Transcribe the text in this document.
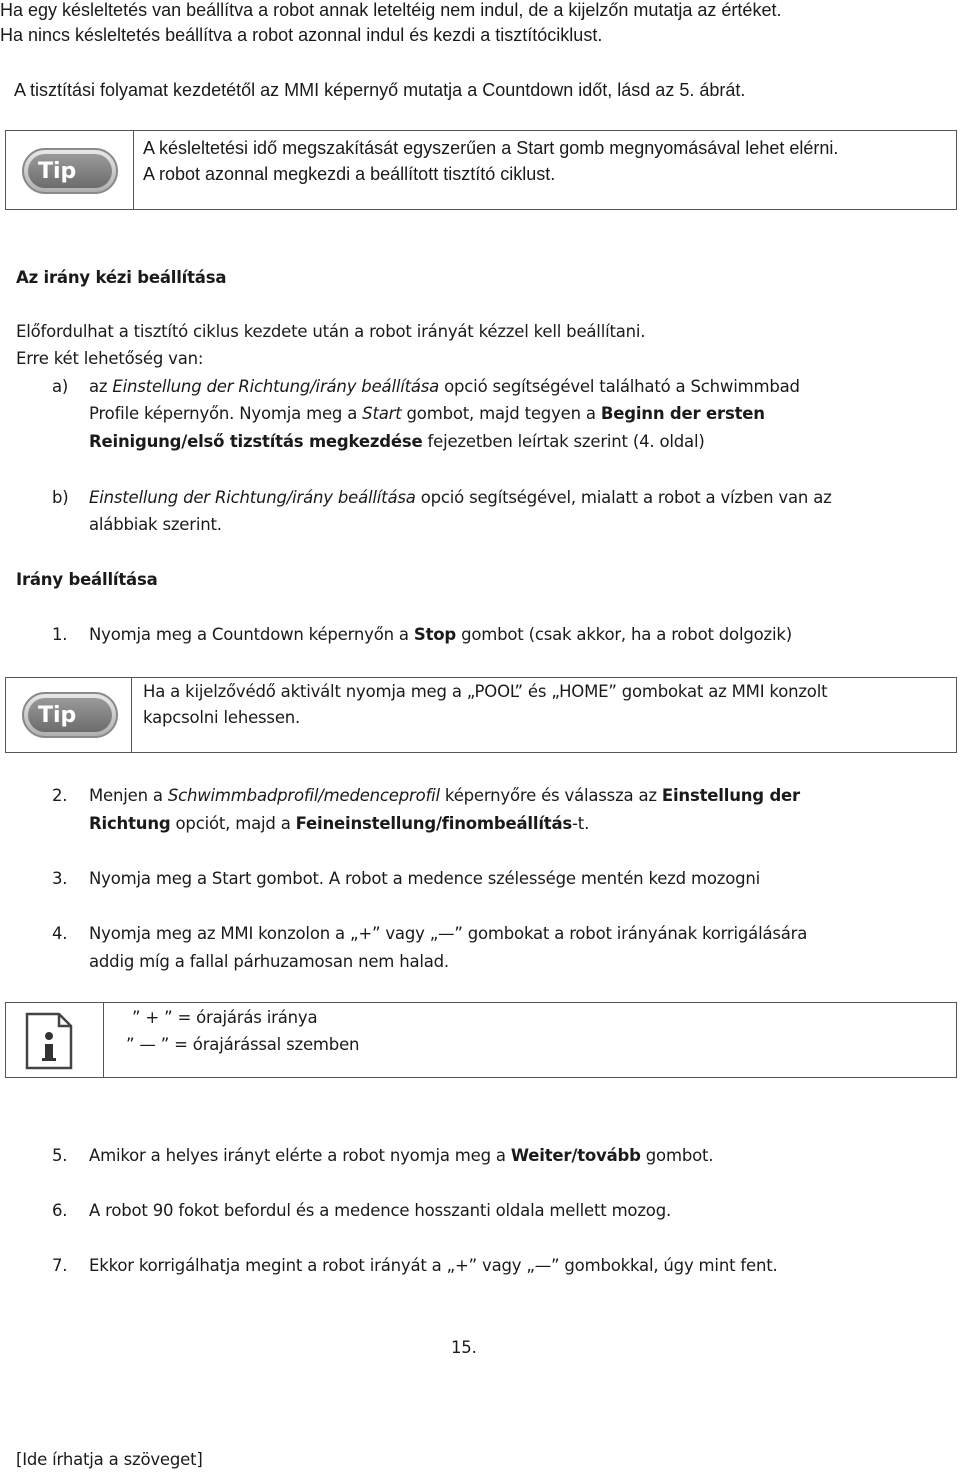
Ha egy késleltetés van beállítva a robot annak leteltéig nem indul, de a kijelzőn mutatja az értéket.
Ha nincs késleltetés beállítva a robot azonnal indul és kezdi a tisztítóciklust.
A tisztítási folyamat kezdetétől az MMI képernyő mutatja a Countdown időt, lásd az 5. ábrát.
Tip
A késleltetési idő megszakítását egyszerűen a Start gomb megnyomásával lehet elérni.
A robot azonnal megkezdi a beállított tisztító ciklust.
Az irány kézi beállítása
Előfordulhat a tisztító ciklus kezdete után a robot irányát kézzel kell beállítani.
Erre két lehetőség van:
a) az Einstellung der Richtung/irány beállítása opció segítségével található a Schwimmbad
Profile képernyőn. Nyomja meg a Start gombot, majd tegyen a Beginn der ersten
Reinigung/első tizstítás megkezdése fejezetben leírtak szerint (4. oldal)
b) Einstellung der Richtung/irány beállítása opció segítségével, mialatt a robot a vízben van az
alábbiak szerint.
Irány beállítása
1. Nyomja meg a Countdown képernyőn a Stop gombot (csak akkor, ha a robot dolgozik)
Tip
Ha a kijelzővédő aktivált nyomja meg a „POOL” és „HOME” gombokat az MMI konzolt
kapcsolni lehessen.
2. Menjen a Schwimmbadprofil/medenceprofil képernyőre és válassza az Einstellung der
Richtung opciót, majd a Feineinstellung/finombeállítás-t.
3. Nyomja meg a Start gombot. A robot a medence szélessége mentén kezd mozogni
4. Nyomja meg az MMI konzolon a „+” vagy „—” gombokat a robot irányának korrigálására
addig míg a fallal párhuzamosan nem halad.
” + ” = órajárás iránya
” — ” = órajárással szemben
5. Amikor a helyes irányt elérte a robot nyomja meg a Weiter/tovább gombot.
6. A robot 90 fokot befordul és a medence hosszanti oldala mellett mozog.
7. Ekkor korrigálhatja megint a robot irányát a „+” vagy „—” gombokkal, úgy mint fent.
15.
[Ide írhatja a szöveget]
